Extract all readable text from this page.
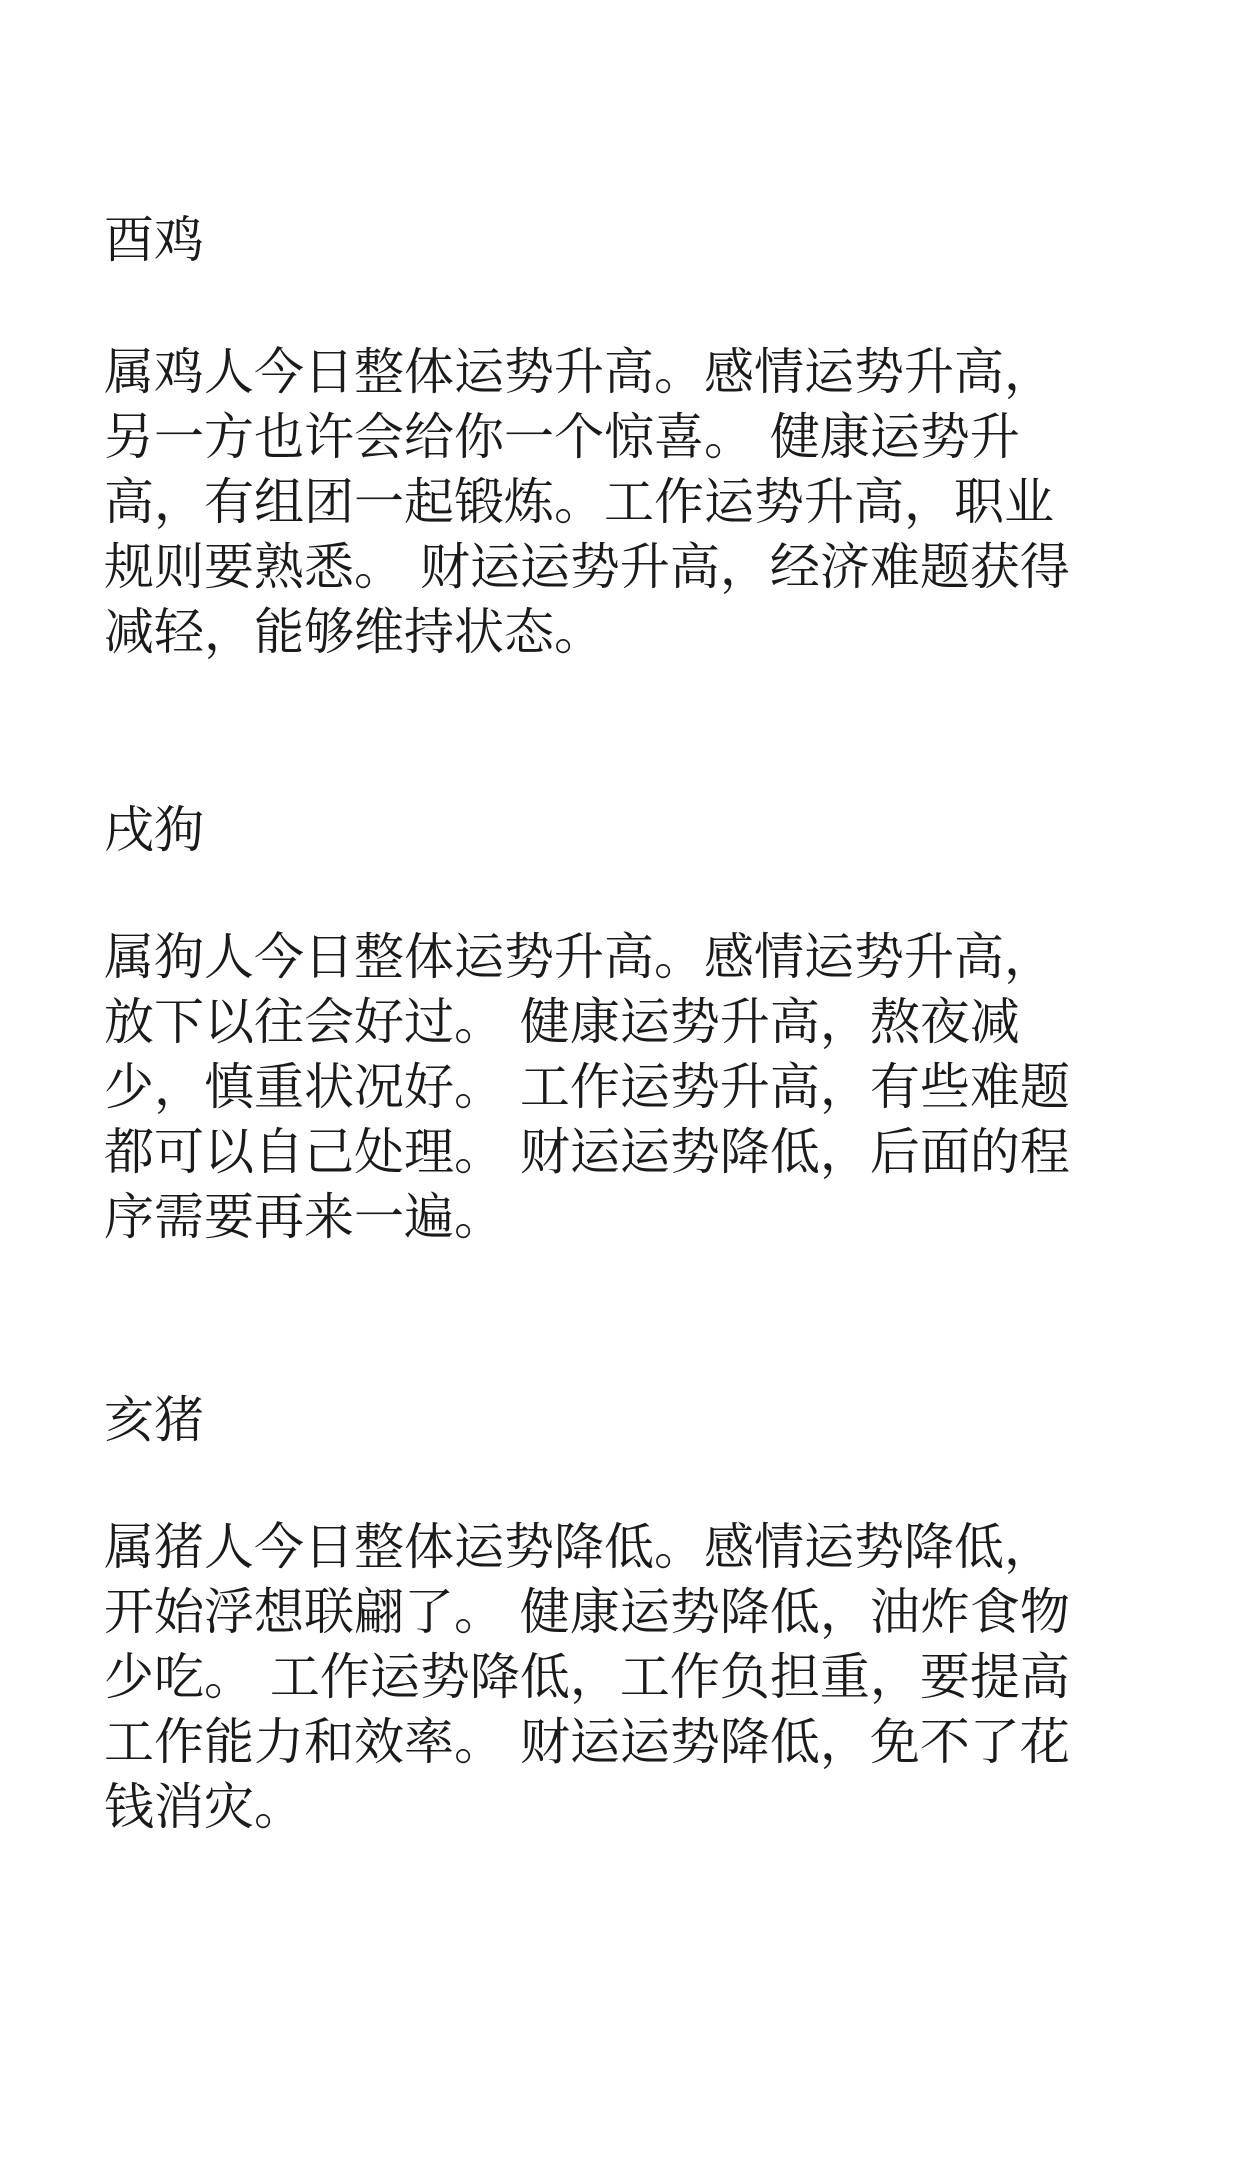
酉鸡
属鸡人今日整体运势升高。感情运势升高，
另一方也许会给你一个惊喜。 健康运势升
高，有组团一起锻炼。工作运势升高，职业
规则要熟悉。 财运运势升高，经济难题获得
减轻，能够维持状态。
戌狗
属狗人今日整体运势升高。感情运势升高，
放下以往会好过。 健康运势升高，熬夜减
少，慎重状况好。 工作运势升高，有些难题
都可以自己处理。 财运运势降低，后面的程
序需要再来一遍。
亥猪
属猪人今日整体运势降低。感情运势降低，
开始浮想联翩了。 健康运势降低，油炸食物
少吃。 工作运势降低，工作负担重，要提高
工作能力和效率。 财运运势降低，免不了花
钱消灾。
